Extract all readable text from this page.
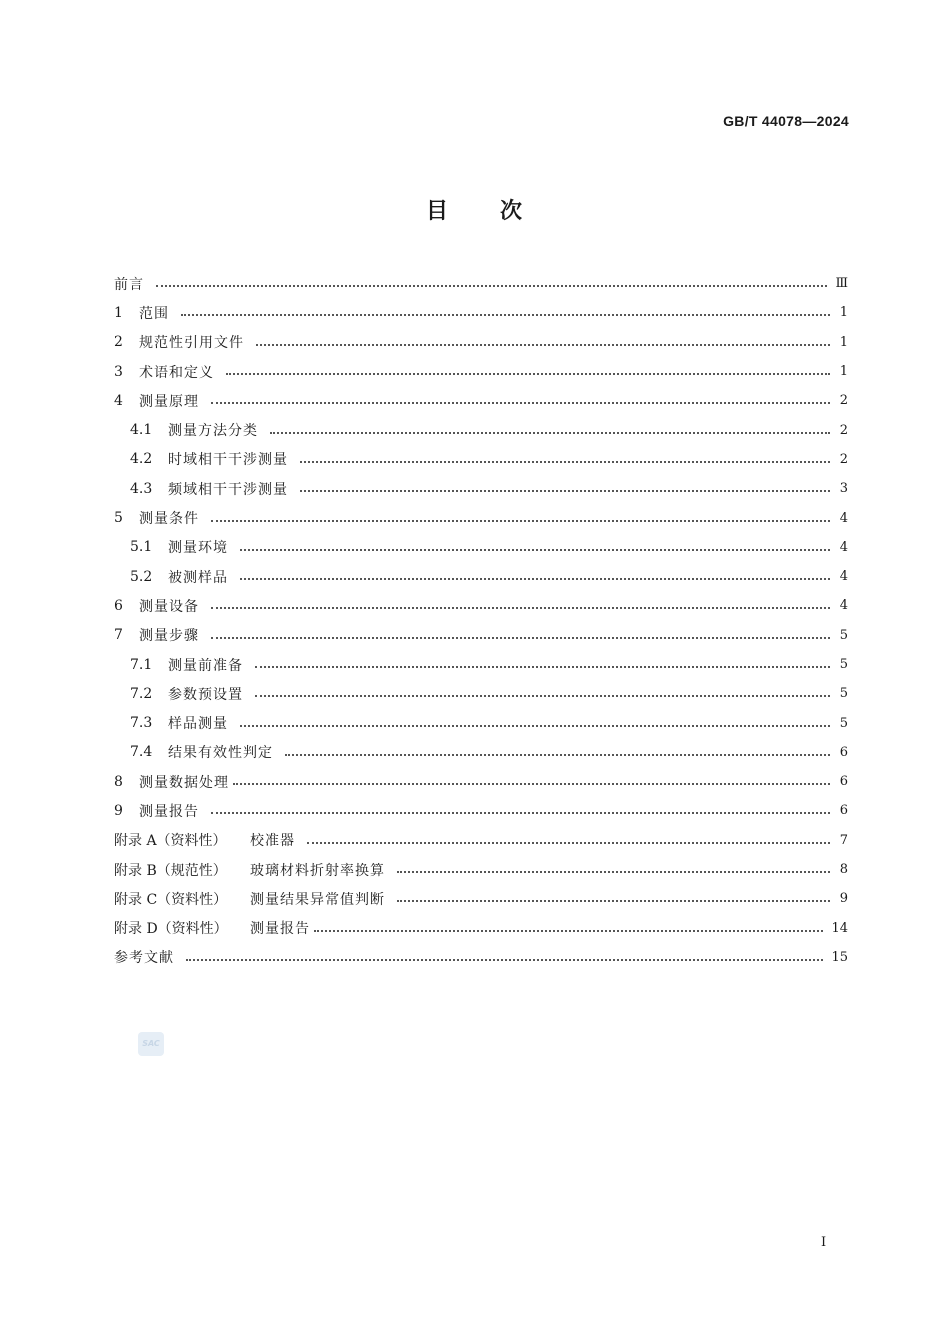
GB/T 44078—2024
目 次
前言	Ⅲ
1	范围	1
2	规范性引用文件	1
3	术语和定义	1
4	测量原理	2
4.1	测量方法分类	2
4.2	时域相干干涉测量	2
4.3	频域相干干涉测量	3
5	测量条件	4
5.1	测量环境	4
5.2	被测样品	4
6	测量设备	4
7	测量步骤	5
7.1	测量前准备	5
7.2	参数预设置	5
7.3	样品测量	5
7.4	结果有效性判定	6
8	测量数据处理	6
9	测量报告	6
附录 A（资料性）	校准器	7
附录 B（规范性）	玻璃材料折射率换算	8
附录 C（资料性）	测量结果异常值判断	9
附录 D（资料性）	测量报告	14
参考文献	15
SAC
I
